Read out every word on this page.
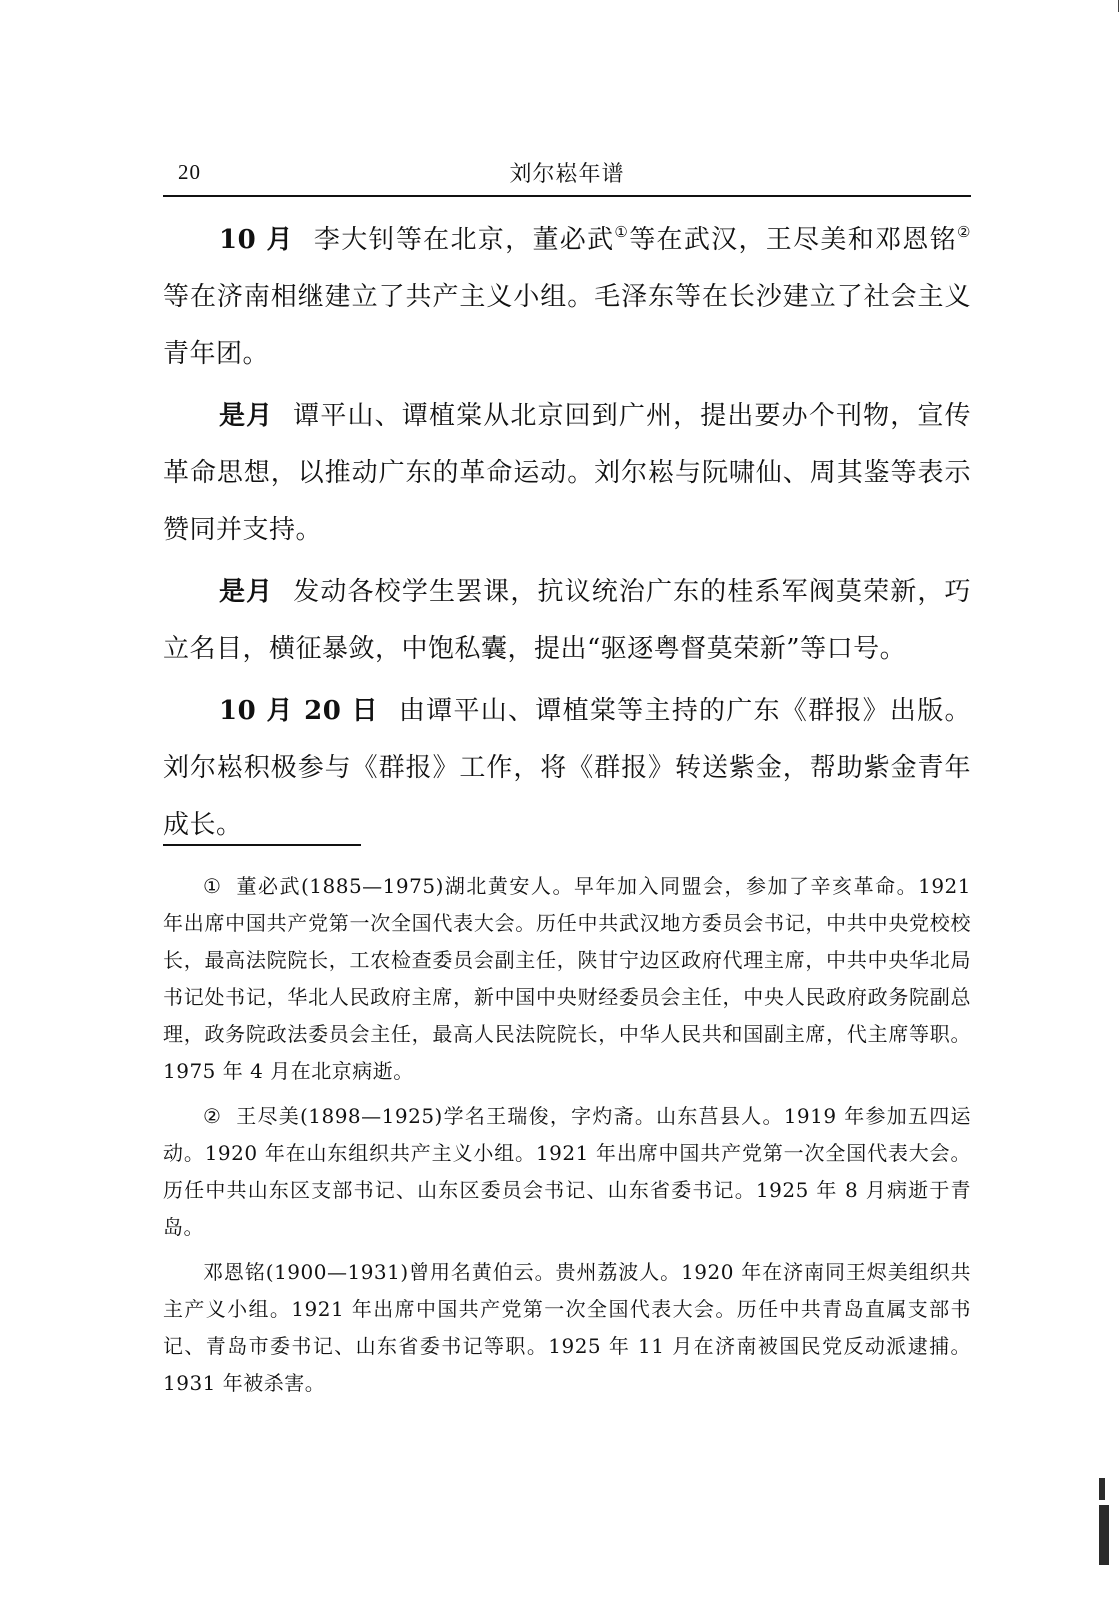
20	刘尔崧年谱

10 月 李大钊等在北京，董必武①等在武汉，王尽美和邓恩铭②等在济南相继建立了共产主义小组。毛泽东等在长沙建立了社会主义青年团。

是月 谭平山、谭植棠从北京回到广州，提出要办个刊物，宣传革命思想，以推动广东的革命运动。刘尔崧与阮啸仙、周其鉴等表示赞同并支持。

是月 发动各校学生罢课，抗议统治广东的桂系军阀莫荣新，巧立名目，横征暴敛，中饱私囊，提出“驱逐粤督莫荣新”等口号。

10 月 20 日 由谭平山、谭植棠等主持的广东《群报》出版。刘尔崧积极参与《群报》工作，将《群报》转送紫金，帮助紫金青年成长。

① 董必武(1885—1975)湖北黄安人。早年加入同盟会，参加了辛亥革命。1921 年出席中国共产党第一次全国代表大会。历任中共武汉地方委员会书记，中共中央党校校长，最高法院院长，工农检查委员会副主任，陕甘宁边区政府代理主席，中共中央华北局书记处书记，华北人民政府主席，新中国中央财经委员会主任，中央人民政府政务院副总理，政务院政法委员会主任，最高人民法院院长，中华人民共和国副主席，代主席等职。1975 年 4 月在北京病逝。

② 王尽美(1898—1925)学名王瑞俊，字灼斋。山东莒县人。1919 年参加五四运动。1920 年在山东组织共产主义小组。1921 年出席中国共产党第一次全国代表大会。历任中共山东区支部书记、山东区委员会书记、山东省委书记。1925 年 8 月病逝于青岛。

邓恩铭(1900—1931)曾用名黄伯云。贵州荔波人。1920 年在济南同王烬美组织共主产义小组。1921 年出席中国共产党第一次全国代表大会。历任中共青岛直属支部书记、青岛市委书记、山东省委书记等职。1925 年 11 月在济南被国民党反动派逮捕。1931 年被杀害。
